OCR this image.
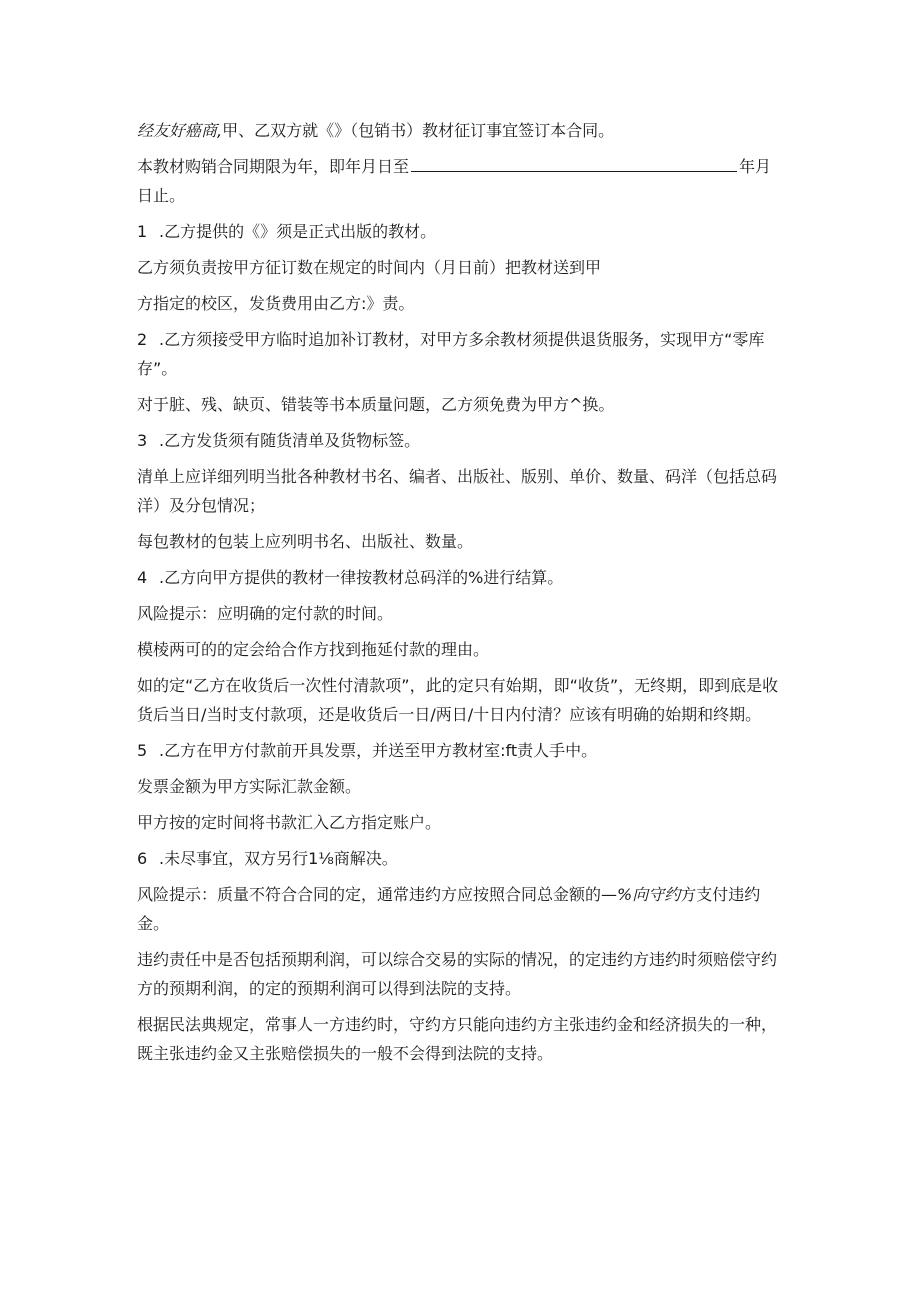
经友好癌商,甲、乙双方就《》（包销书）教材征订事宜签订本合同。

本教材购销合同期限为年，即年月日至	年月日止。

1 .乙方提供的《》须是正式出版的教材。

乙方须负责按甲方征订数在规定的时间内（月日前）把教材送到甲

方指定的校区，发货费用由乙方:》责。

2 .乙方须接受甲方临时追加补订教材，对甲方多余教材须提供退货服务，实现甲方“零库存”。

对于脏、残、缺页、错装等书本质量问题，乙方须免费为甲方^换。

3 .乙方发货须有随货清单及货物标签。

清单上应详细列明当批各种教材书名、编者、出版社、版别、单价、数量、码洋（包括总码洋）及分包情况；

每包教材的包装上应列明书名、出版社、数量。

4 .乙方向甲方提供的教材一律按教材总码洋的%进行结算。

风险提示：应明确的定付款的时间。

模棱两可的的定会给合作方找到拖延付款的理由。

如的定“乙方在收货后一次性付清款项”，此的定只有始期，即“收货”，无终期，即到底是收货后当日/当时支付款项，还是收货后一日/两日/十日内付清？应该有明确的始期和终期。

5 .乙方在甲方付款前开具发票，并送至甲方教材室:ft责人手中。

发票金额为甲方实际汇款金额。

甲方按的定时间将书款汇入乙方指定账户。

6 .未尽事宜，双方另行1⅛商解决。

风险提示：质量不符合合同的定，通常违约方应按照合同总金额的—%向守约方支付违约金。

违约责任中是否包括预期利润，可以综合交易的实际的情况，的定违约方违约时须赔偿守约方的预期利润，的定的预期利润可以得到法院的支持。

根据民法典规定，常事人一方违约时，守约方只能向违约方主张违约金和经济损失的一种，既主张违约金又主张赔偿损失的一般不会得到法院的支持。
